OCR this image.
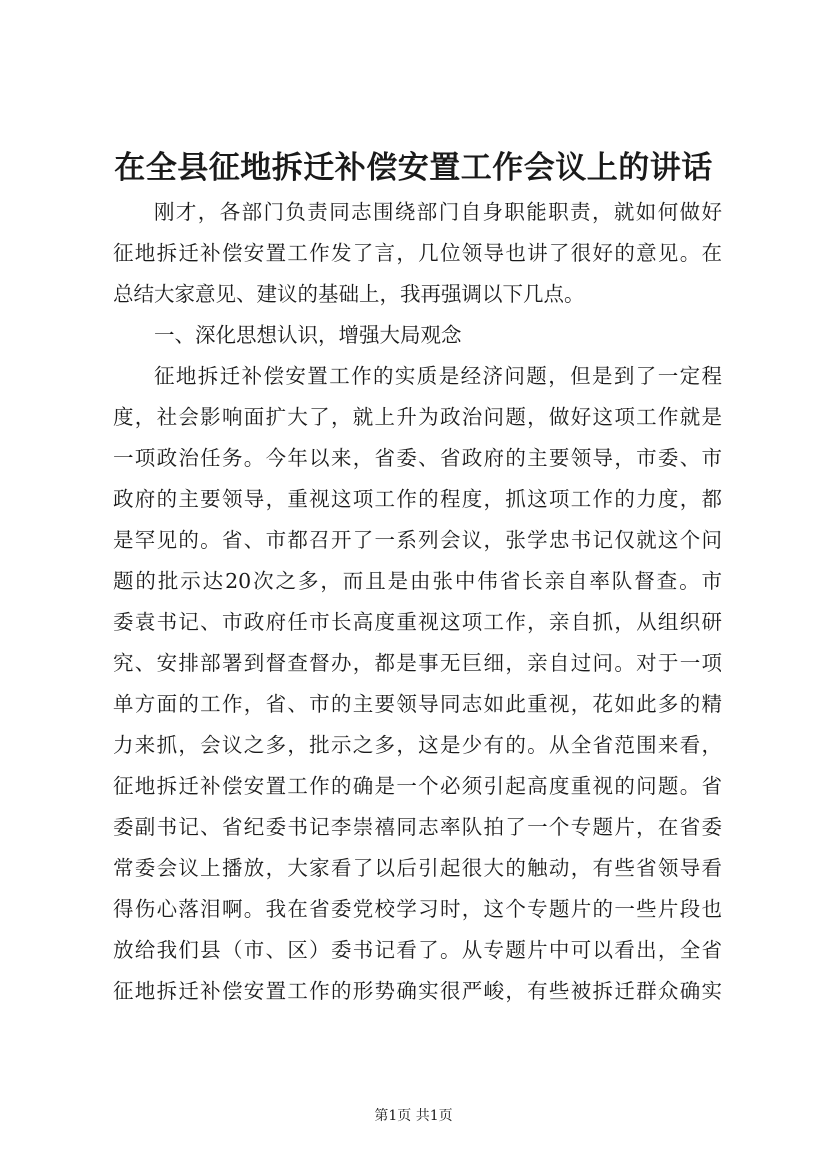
在全县征地拆迁补偿安置工作会议上的讲话
刚才，各部门负责同志围绕部门自身职能职责，就如何做好
征地拆迁补偿安置工作发了言，几位领导也讲了很好的意见。在
总结大家意见、建议的基础上，我再强调以下几点。
一、深化思想认识，增强大局观念
征地拆迁补偿安置工作的实质是经济问题，但是到了一定程
度，社会影响面扩大了，就上升为政治问题，做好这项工作就是
一项政治任务。今年以来，省委、省政府的主要领导，市委、市
政府的主要领导，重视这项工作的程度，抓这项工作的力度，都
是罕见的。省、市都召开了一系列会议，张学忠书记仅就这个问
题的批示达20次之多，而且是由张中伟省长亲自率队督查。市
委袁书记、市政府任市长高度重视这项工作，亲自抓，从组织研
究、安排部署到督查督办，都是事无巨细，亲自过问。对于一项
单方面的工作，省、市的主要领导同志如此重视，花如此多的精
力来抓，会议之多，批示之多，这是少有的。从全省范围来看，
征地拆迁补偿安置工作的确是一个必须引起高度重视的问题。省
委副书记、省纪委书记李崇禧同志率队拍了一个专题片，在省委
常委会议上播放，大家看了以后引起很大的触动，有些省领导看
得伤心落泪啊。我在省委党校学习时，这个专题片的一些片段也
放给我们县（市、区）委书记看了。从专题片中可以看出，全省
征地拆迁补偿安置工作的形势确实很严峻，有些被拆迁群众确实
第1页 共1页
